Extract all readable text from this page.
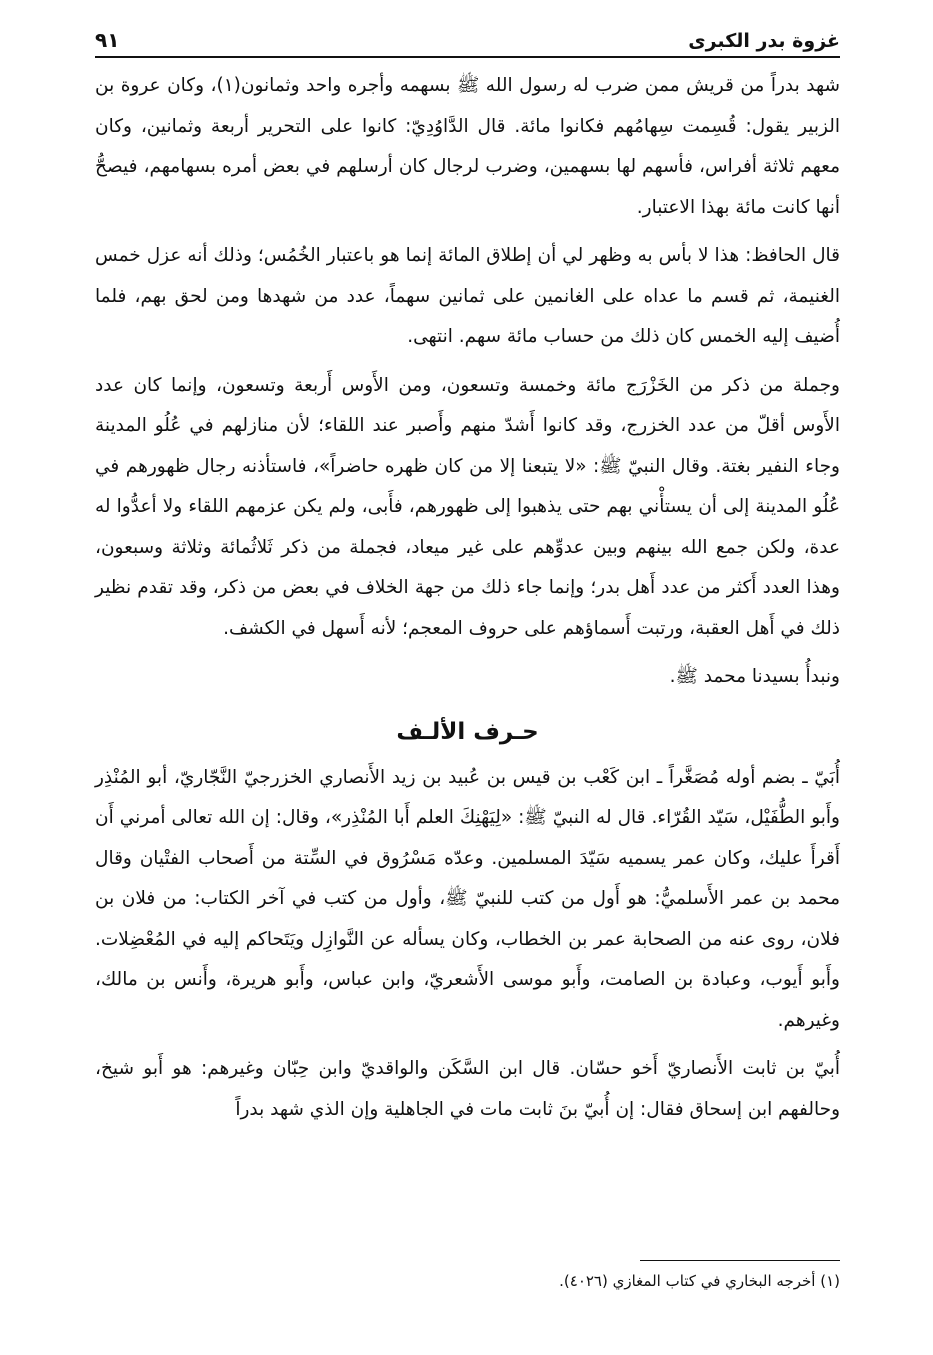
غزوة بدر الكبرى
٩١

شهد بدراً من قريش ممن ضرب له رسول الله ﷺ بسهمه وأجره واحد وثمانون(١)، وكان عروة بن الزبير يقول: قُسِمت سِهامُهم فكانوا مائة. قال الدَّاوُدِيّ: كانوا على التحرير أربعة وثمانين، وكان معهم ثلاثة أفراس، فأسهم لها بسهمين، وضرب لرجال كان أرسلهم في بعض أمره بسهامهم، فيصحُّ أنها كانت مائة بهذا الاعتبار.

قال الحافظ: هذا لا بأس به وظهر لي أن إطلاق المائة إنما هو باعتبار الخُمُس؛ وذلك أنه عزل خمس الغنيمة، ثم قسم ما عداه على الغانمين على ثمانين سهماً، عدد من شهدها ومن لحق بهم، فلما أُضيف إليه الخمس كان ذلك من حساب مائة سهم. انتهى.

وجملة من ذكر من الخَزْرَج مائة وخمسة وتسعون، ومن الأَوس أَربعة وتسعون، وإنما كان عدد الأَوس أقلّ من عدد الخزرج، وقد كانوا أَشدّ منهم وأَصبر عند اللقاء؛ لأن منازلهم في عُلُو المدينة وجاء النفير بغتة. وقال النبيّ ﷺ: «لا يتبعنا إلا من كان ظهره حاضراً»، فاستأذنه رجال ظهورهم في عُلُو المدينة إلى أن يستأْني بهم حتى يذهبوا إلى ظهورهم، فأَبى، ولم يكن عزمهم اللقاء ولا أعدُّوا له عدة، ولكن جمع الله بينهم وبين عدوِّهم على غير ميعاد، فجملة من ذكر ثَلاثُمائة وثلاثة وسبعون، وهذا العدد أَكثر من عدد أَهل بدر؛ وإنما جاء ذلك من جهة الخلاف في بعض من ذكر، وقد تقدم نظير ذلك في أَهل العقبة، ورتبت أَسماؤهم على حروف المعجم؛ لأنه أَسهل في الكشف.

ونبدأُ بسيدنا محمد ﷺ.

حـرف الألـف

أُبَيّ ـ بضم أوله مُصَغَّراً ـ ابن كَعْب بن قيس بن عُبيد بن زيد الأَنصاري الخزرجيّ النَّجّاريّ، أبو المُنْذِر وأَبو الطُّفَيْل، سَيّد القُرّاء. قال له النبيّ ﷺ: «لِيَهْنِكَ العلم أَبا المُنْذِر»، وقال: إن الله تعالى أمرني أَن أَقرأَ عليك، وكان عمر يسميه سَيّدَ المسلمين. وعدّه مَسْرُوق في السِّتة من أَصحاب الفتْيان وقال محمد بن عمر الأَسلميُّ: هو أَول من كتب للنبيّ ﷺ، وأول من كتب في آخر الكتاب: من فلان بن فلان، روى عنه من الصحابة عمر بن الخطاب، وكان يسأله عن النَّوازِل ويَتَحاكم إليه في المُعْضِلات. وأَبو أَيوب، وعبادة بن الصامت، وأَبو موسى الأَشعريّ، وابن عباس، وأَبو هريرة، وأَنس بن مالك، وغيرهم.

أُبيّ بن ثابت الأَنصاريّ أَخو حسّان. قال ابن السَّكَن والواقديّ وابن حِبّان وغيرهم: هو أَبو شيخ، وحالفهم ابن إسحاق فقال: إن أُبيّ بنَ ثابت مات في الجاهلية وإن الذي شهد بدراً

(١) أخرجه البخاري في كتاب المغازي (٤٠٢٦).
